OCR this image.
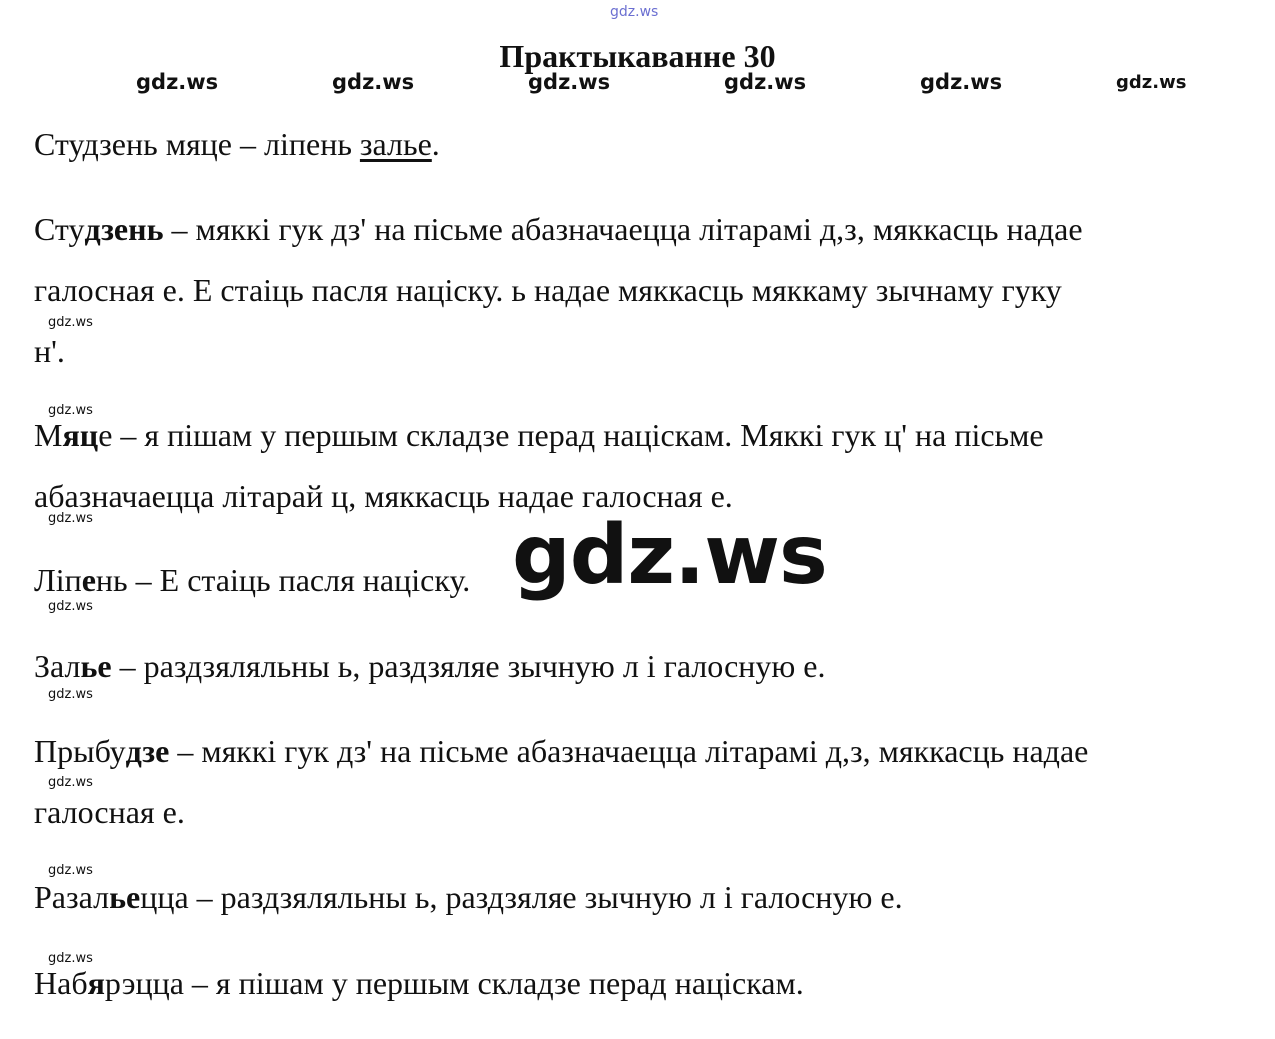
gdz.ws
gdz.ws	gdz.ws	gdz.ws	gdz.ws	gdz.ws	gdz.ws
gdz.ws
gdz.ws
gdz.ws
gdz.ws
gdz.ws
gdz.ws
gdz.ws
gdz.ws
Практыкаванне 30
Студзень мяце – ліпень залье.
Студзень – мяккі гук дз' на пісьме абазначаецца літарамі д,з, мяккасць надае
галосная е. Е стаіць пасля націску. ь надае мяккасць мяккаму зычнаму гуку
н'.
Мяце – я пішам у першым складзе перад націскам. Мяккі гук ц' на пісьме
абазначаецца літарай ц, мяккасць надае галосная е.
Ліпень – Е стаіць пасля націску.
Залье – раздзяляльны ь, раздзяляе зычную л і галосную е.
Прыбудзе – мяккі гук дз' на пісьме абазначаецца літарамі д,з, мяккасць надае
галосная е.
Разальецца – раздзяляльны ь, раздзяляе зычную л і галосную е.
Набярэцца – я пішам у першым складзе перад націскам.
gdz.ws
